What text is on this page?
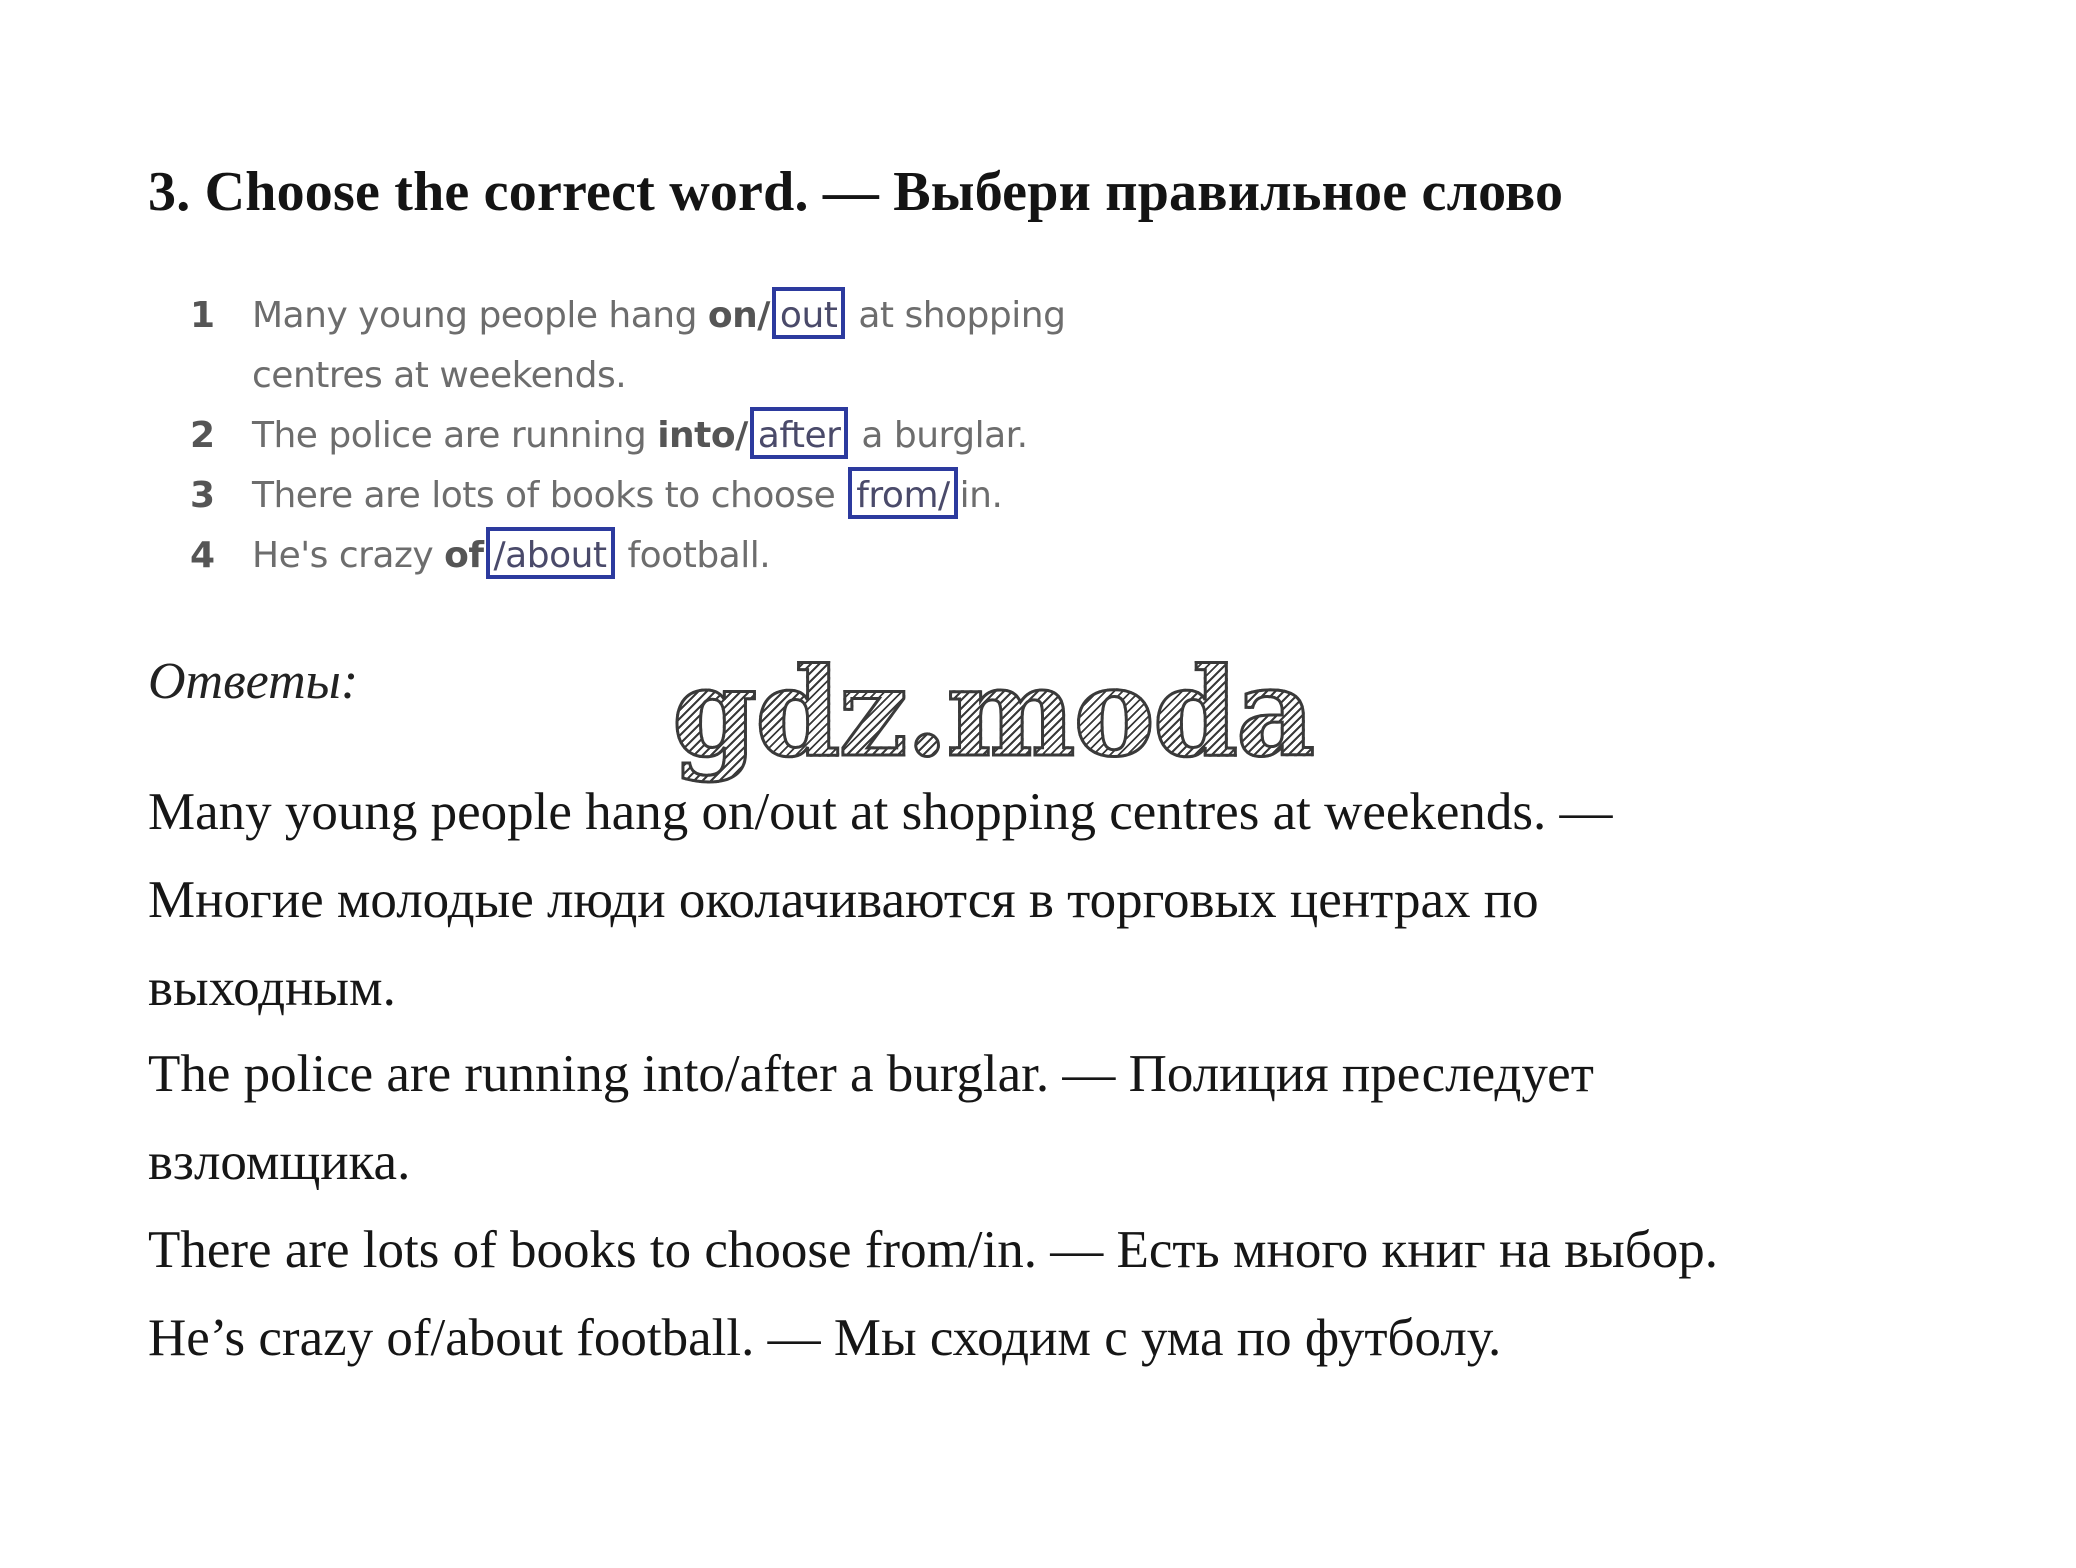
3. Choose the correct word. — Выбери правильное слово
1 Many young people hang on/ out at shopping
centres at weekends.
2 The police are running into/ after a burglar.
3 There are lots of books to choose from/ in.
4 He's crazy of /about football.
Ответы:	gdz.moda
Many young people hang on/out at shopping centres at weekends. —
Многие молодые люди околачиваются в торговых центрах по
выходным.
The police are running into/after a burglar. — Полиция преследует
взломщика.
There are lots of books to choose from/in. — Есть много книг на выбор.
He’s crazy of/about football. — Мы сходим с ума по футболу.
